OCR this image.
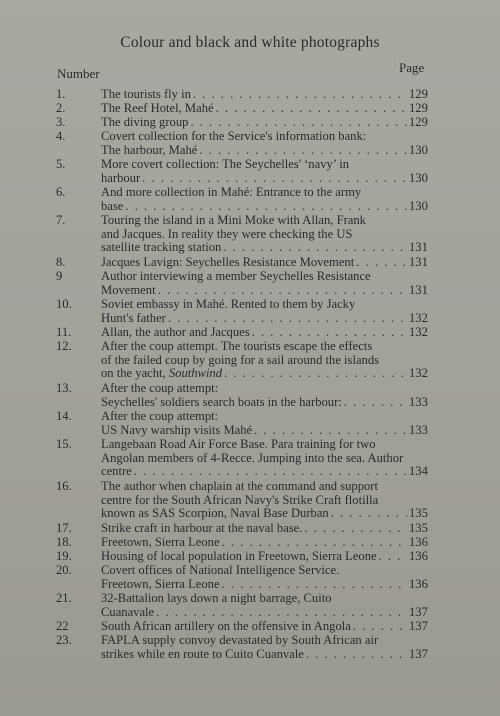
Colour and black and white photographs
Number	Page
1.	The tourists fly in . . .	129
2.	The Reef Hotel, Mahé . . .	129
3.	The diving group . . .	129
4.	Covert collection for the Service's information bank:
The harbour, Mahé . . .	130
5.	More covert collection: The Seychelles' ‘navy’ in
harbour . . .	130
6.	And more collection in Mahé: Entrance to the army
base . . .	130
7.	Touring the island in a Mini Moke with Allan, Frank
and Jacques. In reality they were checking the US
satellite tracking station . . .	131
8.	Jacques Lavign: Seychelles Resistance Movement . . .	131
9	Author interviewing a member Seychelles Resistance
Movement . . .	131
10.	Soviet embassy in Mahé. Rented to them by Jacky
Hunt's father . . .	132
11.	Allan, the author and Jacques . . .	132
12.	After the coup attempt. The tourists escape the effects
of the failed coup by going for a sail around the islands
on the yacht, Southwind . . .	132
13.	After the coup attempt:
Seychelles' soldiers search boats in the harbour: . . .	133
14.	After the coup attempt:
US Navy warship visits Mahé . . .	133
15.	Langebaan Road Air Force Base. Para training for two
Angolan members of 4-Recce. Jumping into the sea. Author
centre . . .	134
16.	The author when chaplain at the command and support
centre for the South African Navy's Strike Craft flotilla
known as SAS Scorpion, Naval Base Durban . . .	135
17.	Strike craft in harbour at the naval base. . . .	135
18.	Freetown, Sierra Leone . . .	136
19.	Housing of local population in Freetown, Sierra Leone . . .	136
20.	Covert offices of National Intelligence Service.
Freetown, Sierra Leone . . .	136
21.	32-Battalion lays down a night barrage, Cuito
Cuanavale . . .	137
22	South African artillery on the offensive in Angola . . .	137
23.	FAPLA supply convoy devastated by South African air
strikes while en route to Cuito Cuanvale . . .	137
